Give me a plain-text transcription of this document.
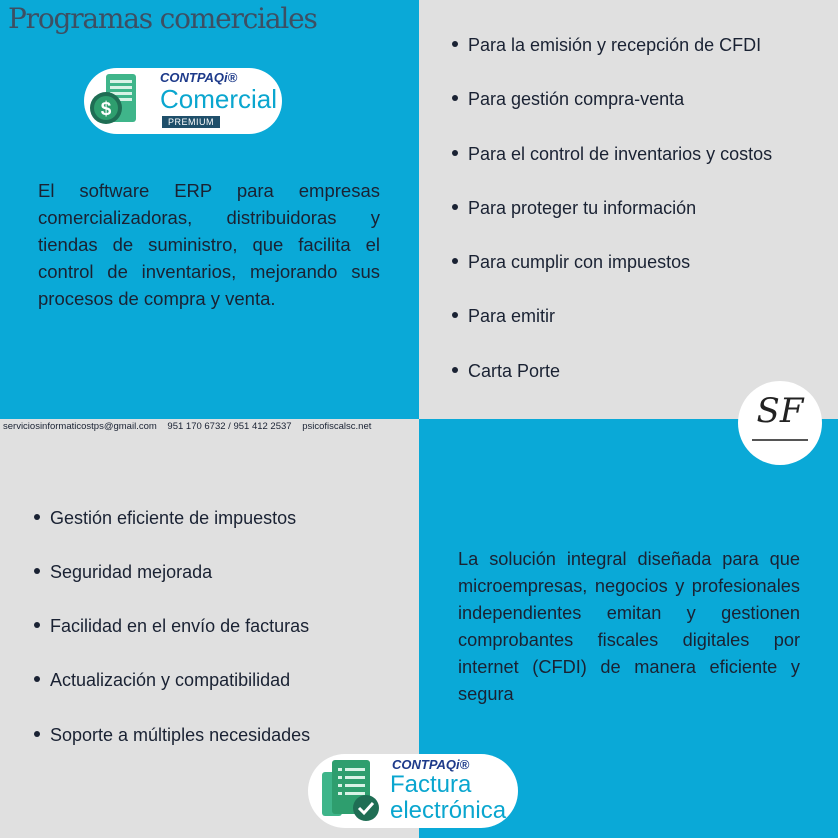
Programas comerciales
$
CONTPAQi®
Comercial
PREMIUM

El software ERP para empresas comercializadoras, distribuidoras y tiendas de suministro, que facilita el control de inventarios, mejorando sus procesos de compra y venta.

Para la emisión y recepción de CFDI
Para gestión compra-venta
Para el control de inventarios y costos
Para proteger tu información
Para cumplir con impuestos
Para emitir
Carta Porte
serviciosinformaticostps@gmail.com 951 170 6732 / 951 412 2537 psicofiscalsc.net	SF
Gestión eficiente de impuestos
Seguridad mejorada
Facilidad en el envío de facturas
Actualización y compatibilidad
Soporte a múltiples necesidades

La solución integral diseñada para que microempresas, negocios y profesionales independientes emitan y gestionen comprobantes fiscales digitales por internet (CFDI) de manera eficiente y segura

CONTPAQi®
Factura
electrónica
